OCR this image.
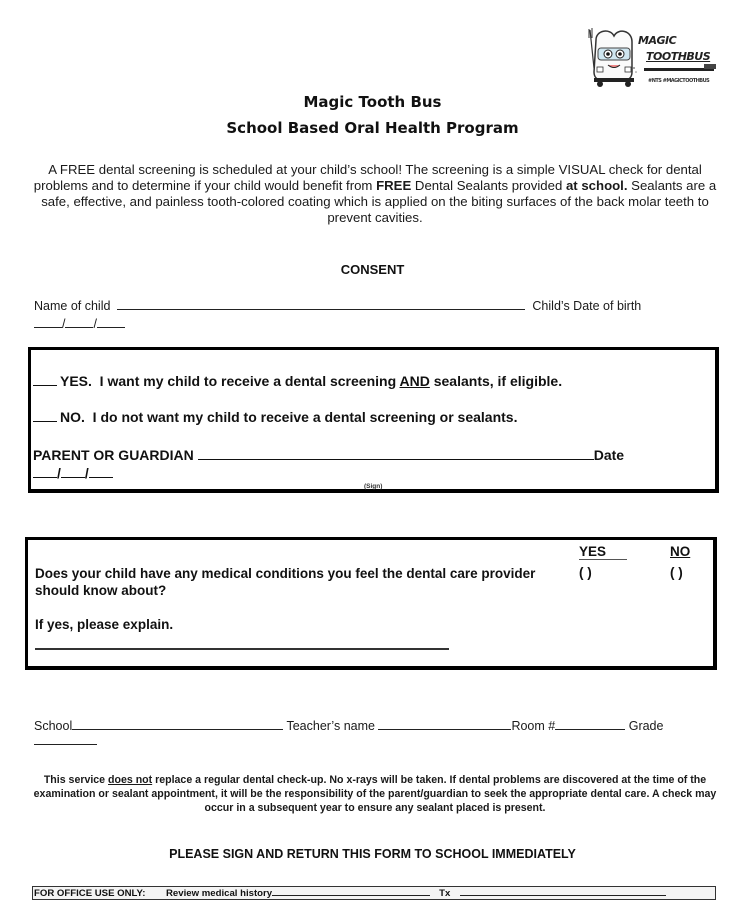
MAGIC
TOOTHBUS
#NTS #MAGICTOOTHBUS
Magic Tooth Bus
School Based Oral Health Program
A FREE dental screening is scheduled at your child’s school! The screening is a simple VISUAL check for dental problems and to determine if your child would benefit from FREE Dental Sealants provided at school. Sealants are a safe, effective, and painless tooth-colored coating which is applied on the biting surfaces of the back molar teeth to prevent cavities.
CONSENT
Name of child	Child’s Date of birth
/ /
YES.  I want my child to receive a dental screening AND sealants, if eligible.
NO.  I do not want my child to receive a dental screening or sealants.
PARENT OR GUARDIAN	Date
/ /
(Sign)
YES	NO
Does your child have any medical conditions you feel the dental care provider should know about?
( )	( )
If yes, please explain.
School	Teacher’s name	Room #	Grade
This service does not replace a regular dental check-up. No x-rays will be taken. If dental problems are discovered at the time of the examination or sealant appointment, it will be the responsibility of the parent/guardian to seek the appropriate dental care. A check may occur in a subsequent year to ensure any sealant placed is present.
PLEASE SIGN AND RETURN THIS FORM TO SCHOOL IMMEDIATELY
FOR OFFICE USE ONLY: Review medical history	Tx
